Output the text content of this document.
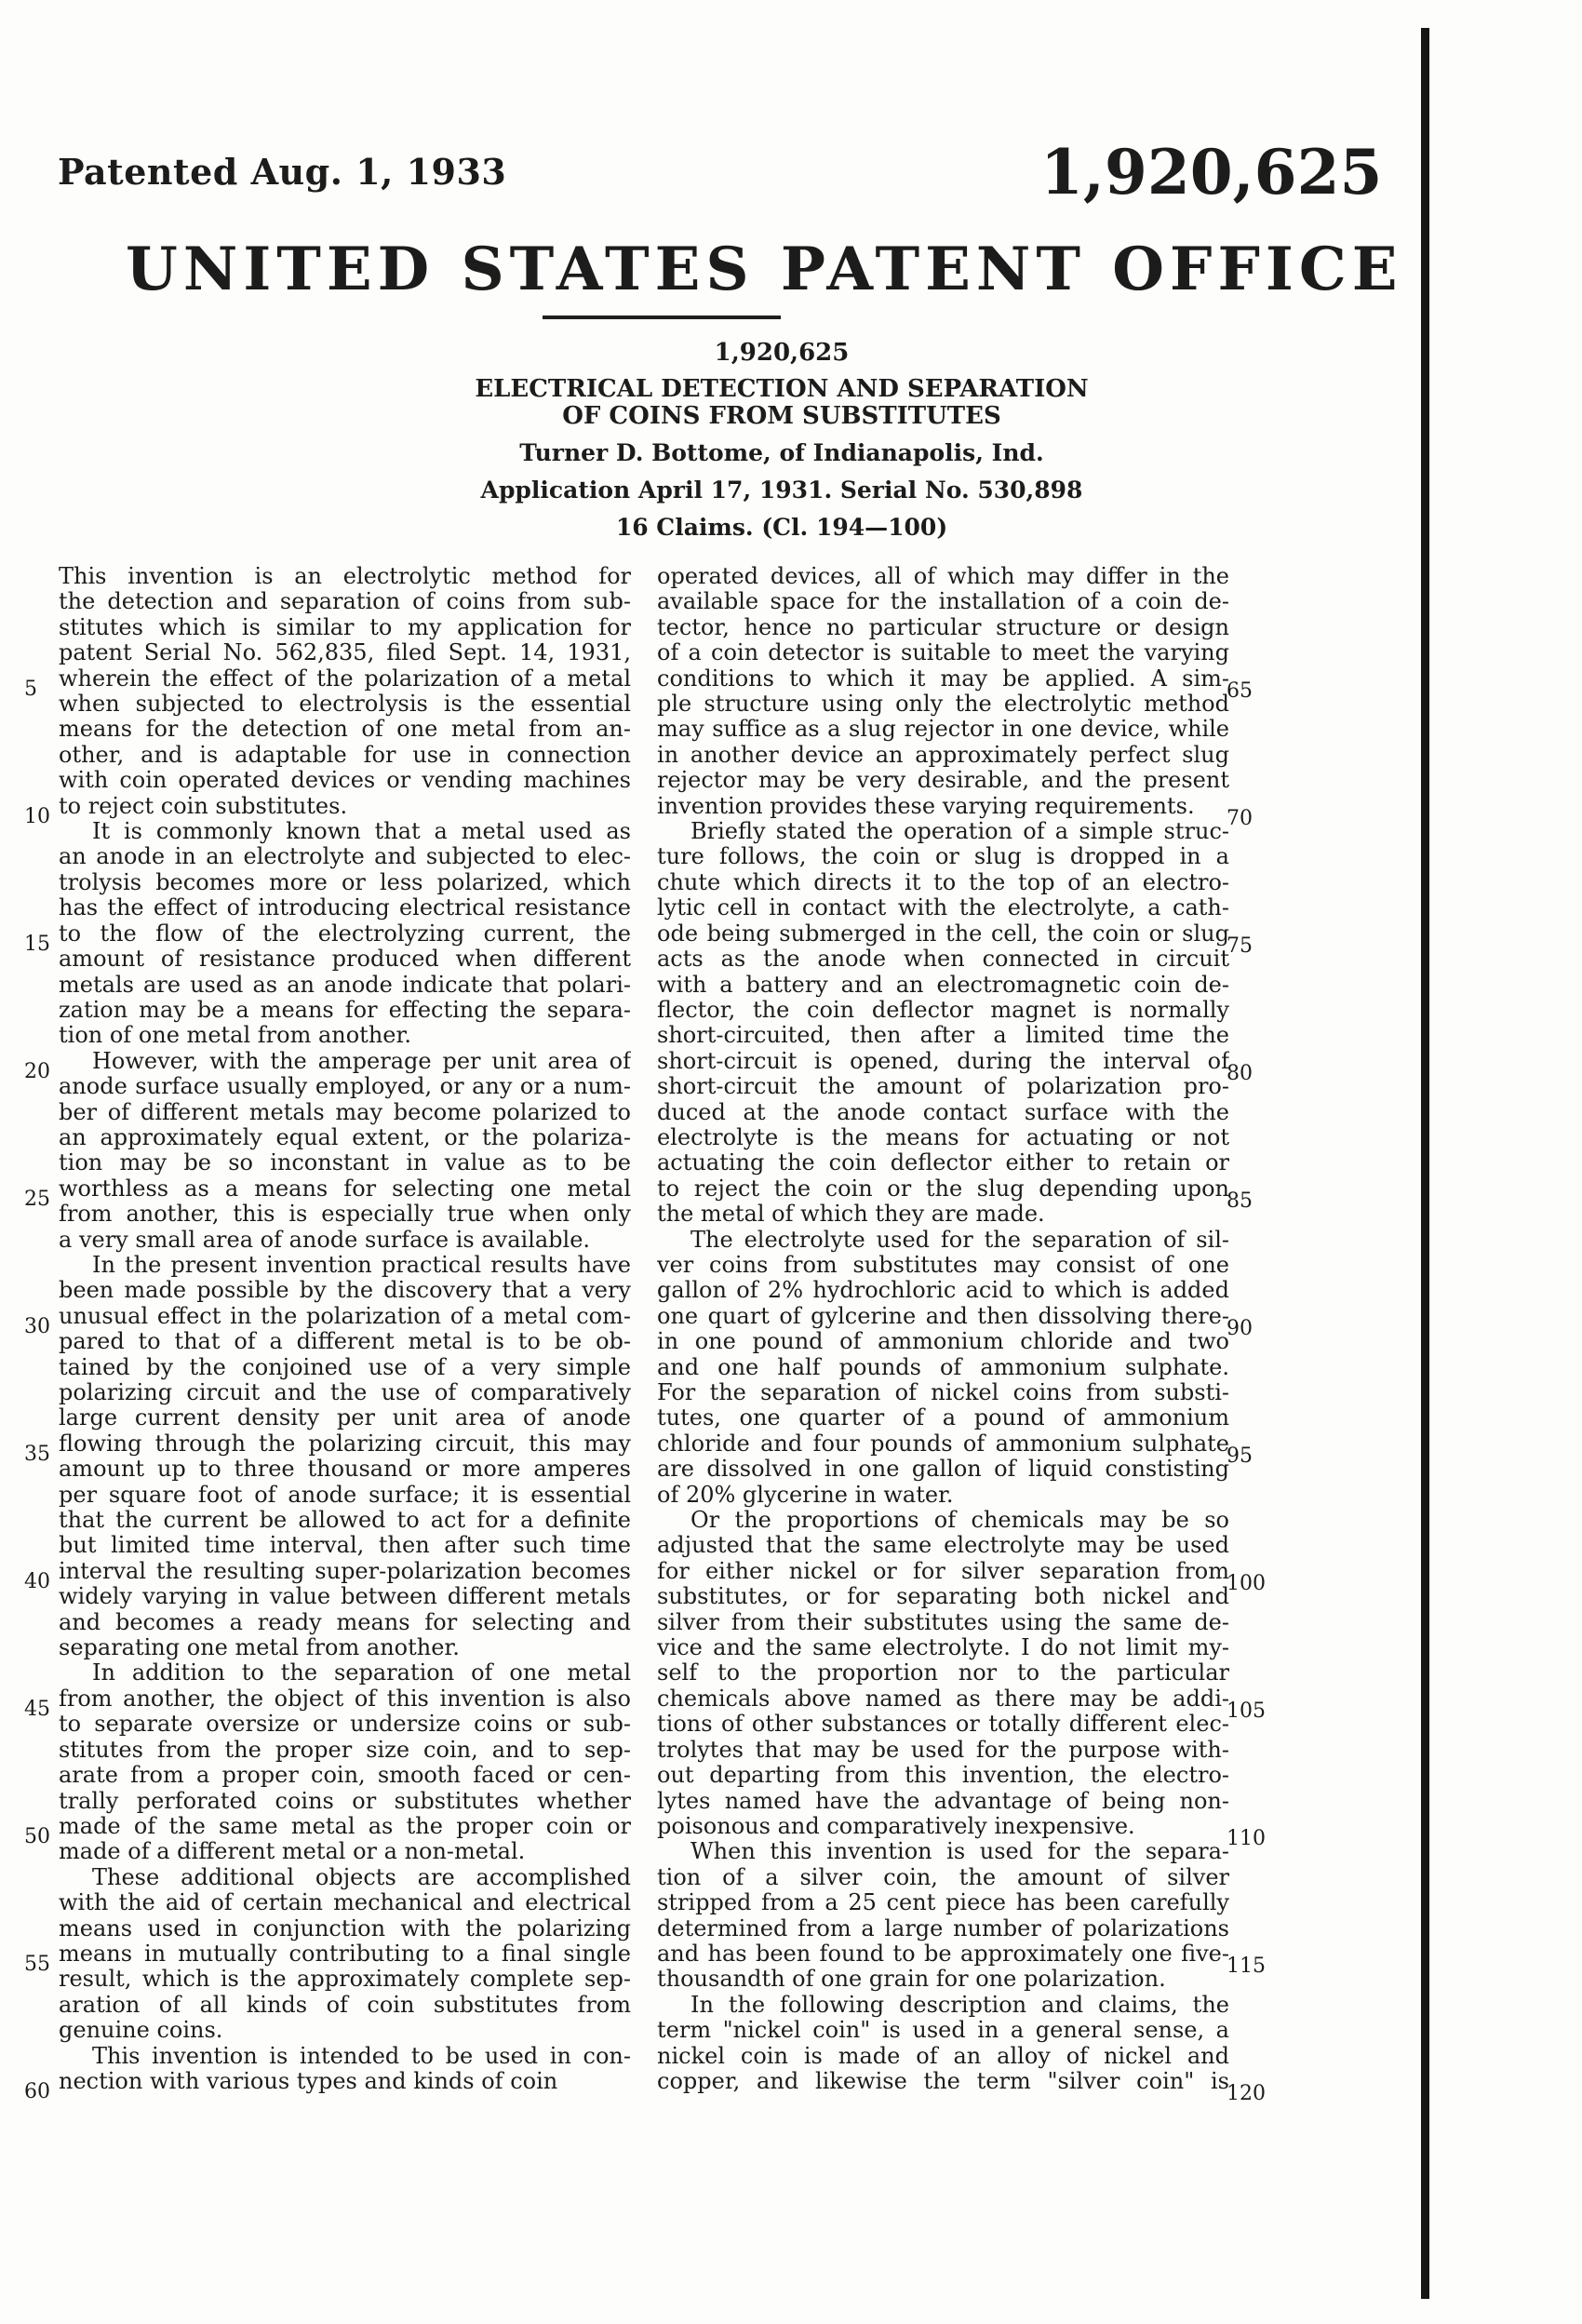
Patented Aug. 1, 1933	1,920,625
UNITED STATES PATENT OFFICE
1,920,625
ELECTRICAL DETECTION AND SEPARATION
OF COINS FROM SUBSTITUTES
Turner D. Bottome, of Indianapolis, Ind.
Application April 17, 1931. Serial No. 530,898
16 Claims. (Cl. 194—100)
This invention is an electrolytic method for
the detection and separation of coins from sub-
stitutes which is similar to my application for
patent Serial No. 562,835, filed Sept. 14, 1931,
wherein the effect of the polarization of a metal
when subjected to electrolysis is the essential
means for the detection of one metal from an-
other, and is adaptable for use in connection
with coin operated devices or vending machines
to reject coin substitutes.
It is commonly known that a metal used as
an anode in an electrolyte and subjected to elec-
trolysis becomes more or less polarized, which
has the effect of introducing electrical resistance
to the flow of the electrolyzing current, the
amount of resistance produced when different
metals are used as an anode indicate that polari-
zation may be a means for effecting the separa-
tion of one metal from another.
However, with the amperage per unit area of
anode surface usually employed, or any or a num-
ber of different metals may become polarized to
an approximately equal extent, or the polariza-
tion may be so inconstant in value as to be
worthless as a means for selecting one metal
from another, this is especially true when only
a very small area of anode surface is available.
In the present invention practical results have
been made possible by the discovery that a very
unusual effect in the polarization of a metal com-
pared to that of a different metal is to be ob-
tained by the conjoined use of a very simple
polarizing circuit and the use of comparatively
large current density per unit area of anode
flowing through the polarizing circuit, this may
amount up to three thousand or more amperes
per square foot of anode surface; it is essential
that the current be allowed to act for a definite
but limited time interval, then after such time
interval the resulting super-polarization becomes
widely varying in value between different metals
and becomes a ready means for selecting and
separating one metal from another.
In addition to the separation of one metal
from another, the object of this invention is also
to separate oversize or undersize coins or sub-
stitutes from the proper size coin, and to sep-
arate from a proper coin, smooth faced or cen-
trally perforated coins or substitutes whether
made of the same metal as the proper coin or
made of a different metal or a non-metal.
These additional objects are accomplished
with the aid of certain mechanical and electrical
means used in conjunction with the polarizing
means in mutually contributing to a final single
result, which is the approximately complete sep-
aration of all kinds of coin substitutes from
genuine coins.
This invention is intended to be used in con-
nection with various types and kinds of coin
operated devices, all of which may differ in the
available space for the installation of a coin de-
tector, hence no particular structure or design
of a coin detector is suitable to meet the varying
conditions to which it may be applied. A sim-
ple structure using only the electrolytic method
may suffice as a slug rejector in one device, while
in another device an approximately perfect slug
rejector may be very desirable, and the present
invention provides these varying requirements.
Briefly stated the operation of a simple struc-
ture follows, the coin or slug is dropped in a
chute which directs it to the top of an electro-
lytic cell in contact with the electrolyte, a cath-
ode being submerged in the cell, the coin or slug
acts as the anode when connected in circuit
with a battery and an electromagnetic coin de-
flector, the coin deflector magnet is normally
short-circuited, then after a limited time the
short-circuit is opened, during the interval of
short-circuit the amount of polarization pro-
duced at the anode contact surface with the
electrolyte is the means for actuating or not
actuating the coin deflector either to retain or
to reject the coin or the slug depending upon
the metal of which they are made.
The electrolyte used for the separation of sil-
ver coins from substitutes may consist of one
gallon of 2% hydrochloric acid to which is added
one quart of gylcerine and then dissolving there-
in one pound of ammonium chloride and two
and one half pounds of ammonium sulphate.
For the separation of nickel coins from substi-
tutes, one quarter of a pound of ammonium
chloride and four pounds of ammonium sulphate
are dissolved in one gallon of liquid constisting
of 20% glycerine in water.
Or the proportions of chemicals may be so
adjusted that the same electrolyte may be used
for either nickel or for silver separation from
substitutes, or for separating both nickel and
silver from their substitutes using the same de-
vice and the same electrolyte. I do not limit my-
self to the proportion nor to the particular
chemicals above named as there may be addi-
tions of other substances or totally different elec-
trolytes that may be used for the purpose with-
out departing from this invention, the electro-
lytes named have the advantage of being non-
poisonous and comparatively inexpensive.
When this invention is used for the separa-
tion of a silver coin, the amount of silver
stripped from a 25 cent piece has been carefully
determined from a large number of polarizations
and has been found to be approximately one five-
thousandth of one grain for one polarization.
In the following description and claims, the
term "nickel coin" is used in a general sense, a
nickel coin is made of an alloy of nickel and
copper, and likewise the term "silver coin" is
5
10
15
20
25
30
35
40
45
50
55
60
65
70
75
80
85
90
95
100
105
110
115
120
